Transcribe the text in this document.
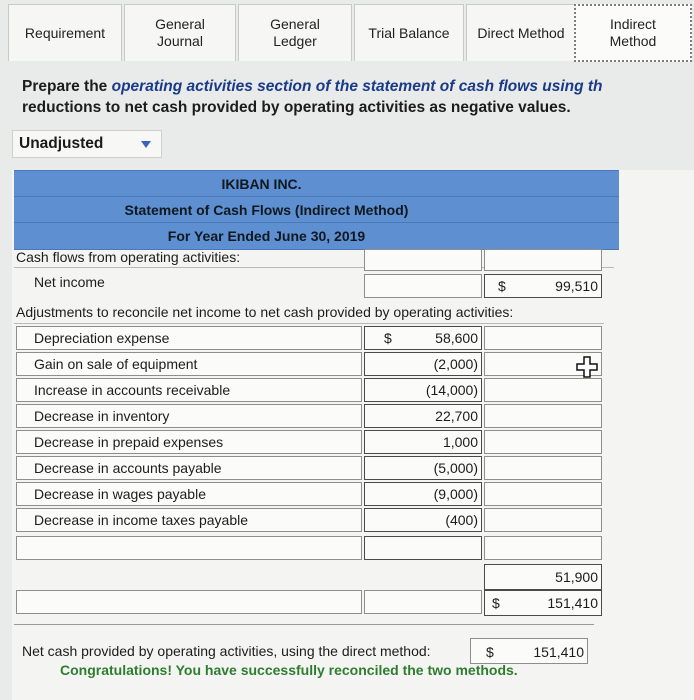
Requirement
General Journal
General Ledger
Trial Balance Direct Method
Indirect Method
Prepare the operating activities section of the statement of cash flows using th
reductions to net cash provided by operating activities as negative values.
Unadjusted
IKIBAN INC.
Statement of Cash Flows (Indirect Method)
For Year Ended June 30, 2019
Cash flows from operating activities:
Net income	$	99,510
Adjustments to reconcile net income to net cash provided by operating activities:
Depreciation expense	$	58,600
Gain on sale of equipment	(2,000)
Increase in accounts receivable	(14,000)
Decrease in inventory	22,700
Decrease in prepaid expenses	1,000
Decrease in accounts payable	(5,000)
Decrease in wages payable	(9,000)
Decrease in income taxes payable	(400)
51,900
$	151,410
Net cash provided by operating activities, using the direct method:	$	151,410
Congratulations! You have successfully reconciled the two methods.
